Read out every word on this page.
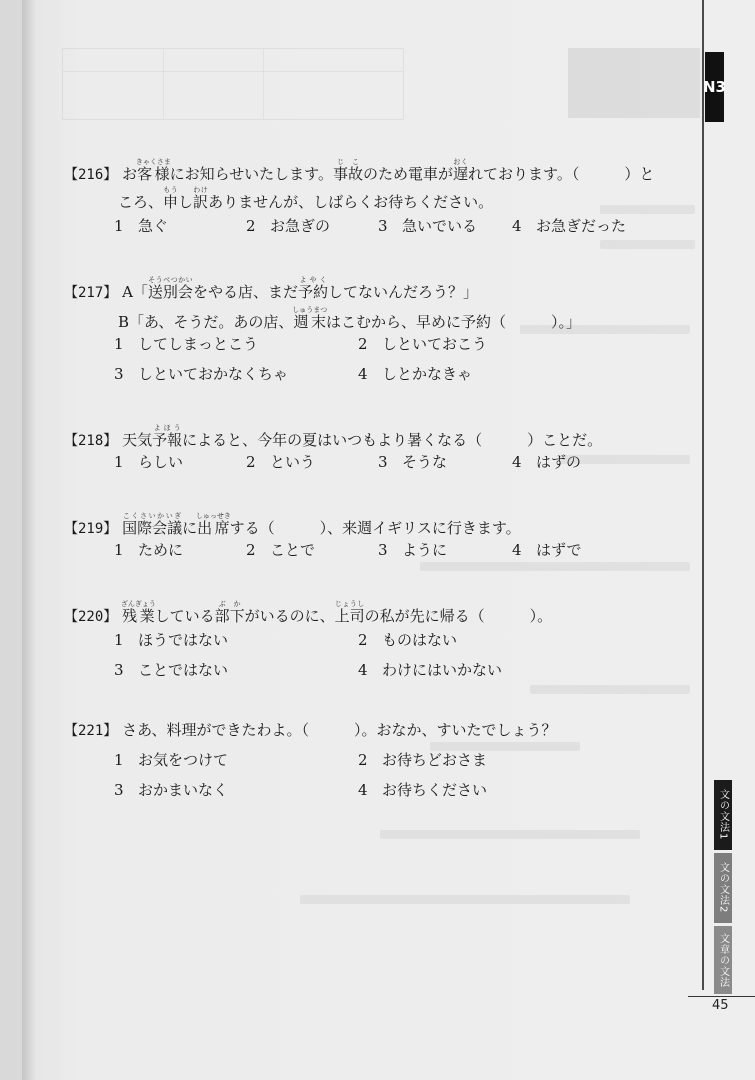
N3
文の文法1
文の文法2
文章の文法
45
【216】 お客様きゃくさまにお知らせいたします。事故じこのため電車が遅おくれております。（　　　）と
ころ、申もうし訳わけありませんが、しばらくお待ちください。
1 急ぐ	2 お急ぎの	3 急いでいる 4 お急ぎだった
【217】 A「送別会そうべつかいをやる店、まだ予約よやくしてないんだろう？」
B「あ、そうだ。あの店、週末しゅうまつはこむから、早めに予約（　　　）。」
1 してしまっとこう	2 しといておこう
3 しといておかなくちゃ	4 しとかなきゃ
【218】 天気予報よほうによると、今年の夏はいつもより暑くなる（　　　）ことだ。
1 らしい	2 という	3 そうな	4 はずの
【219】 国際会議こくさいかいぎに出席しゅっせきする（　　　）、来週イギリスに行きます。
1 ために	2 ことで	3 ように	4 はずで
【220】 残業ざんぎょうしている部下ぶかがいるのに、上司じょうしの私が先に帰る（　　　）。
1 ほうではない	2 ものはない
3 ことではない	4 わけにはいかない
【221】 さあ、料理ができたわよ。（　　　）。おなか、すいたでしょう？
1 お気をつけて	2 お待ちどおさま
3 おかまいなく	4 お待ちください
